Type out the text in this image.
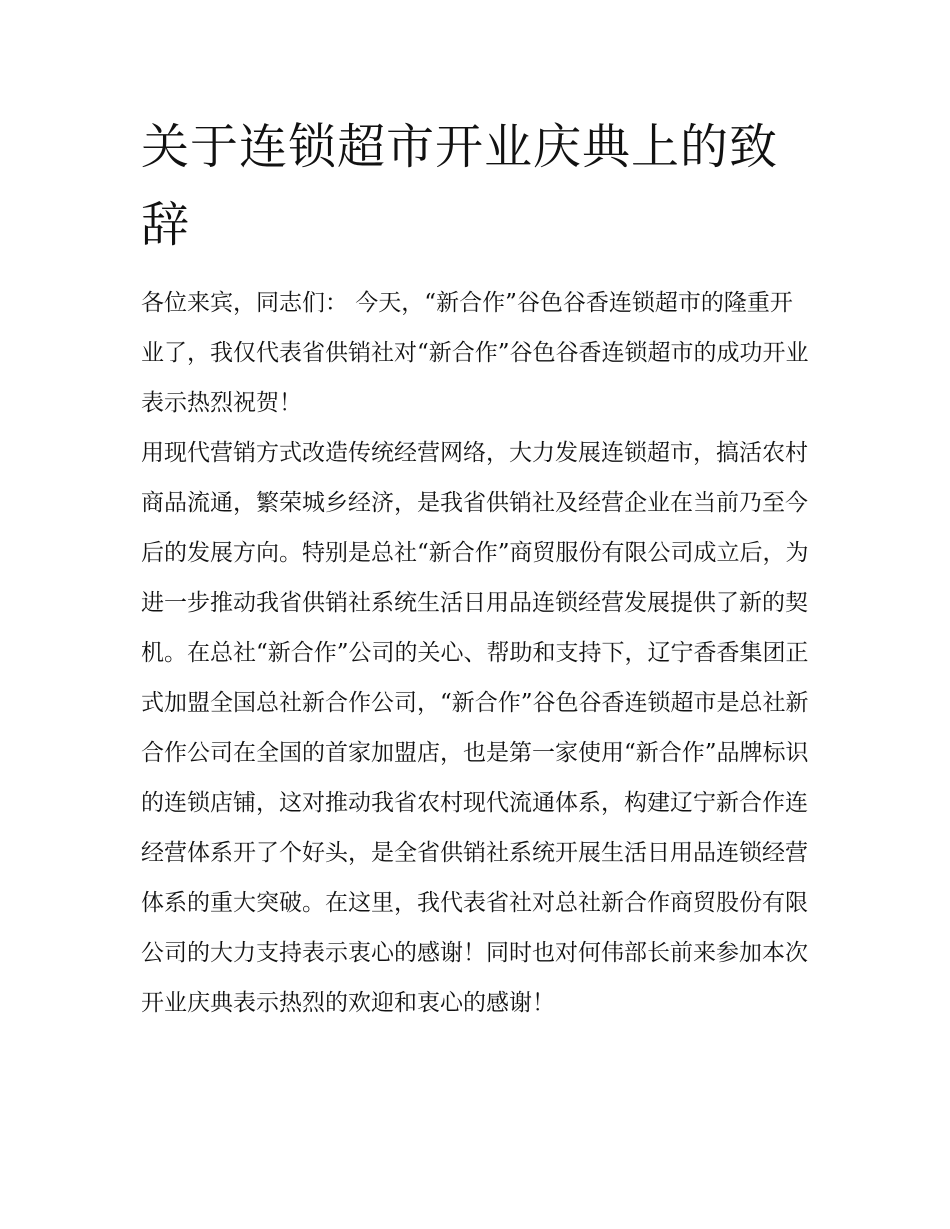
关于连锁超市开业庆典上的致辞

各位来宾，同志们： 今天，“新合作”谷色谷香连锁超市的隆重开业了，我仅代表省供销社对“新合作”谷色谷香连锁超市的成功开业表示热烈祝贺！

用现代营销方式改造传统经营网络，大力发展连锁超市，搞活农村商品流通，繁荣城乡经济，是我省供销社及经营企业在当前乃至今后的发展方向。特别是总社“新合作”商贸服份有限公司成立后，为进一步推动我省供销社系统生活日用品连锁经营发展提供了新的契机。在总社“新合作”公司的关心、帮助和支持下，辽宁香香集团正式加盟全国总社新合作公司，“新合作”谷色谷香连锁超市是总社新合作公司在全国的首家加盟店，也是第一家使用“新合作”品牌标识的连锁店铺，这对推动我省农村现代流通体系，构建辽宁新合作连经营体系开了个好头，是全省供销社系统开展生活日用品连锁经营体系的重大突破。在这里，我代表省社对总社新合作商贸股份有限公司的大力支持表示衷心的感谢！同时也对何伟部长前来参加本次开业庆典表示热烈的欢迎和衷心的感谢！
